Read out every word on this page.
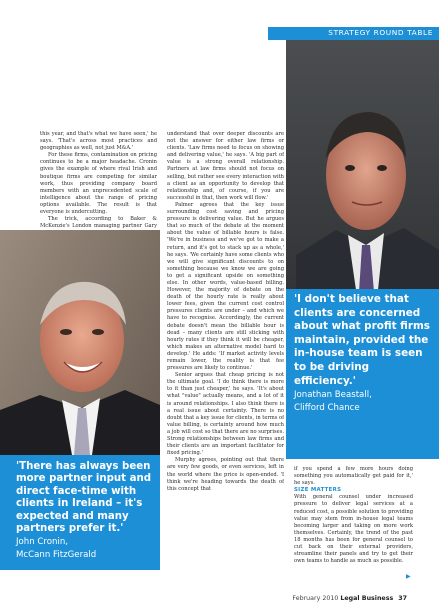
STRATEGY ROUND TABLE

this year, and that's what we have seen,' he says. 'That's across most practices and geographies as well, not just M&A.'

For these firms, contamination on pricing continues to be a major headache. Cronin gives the example of where rival Irish and boutique firms are competing for similar work, thus providing company board members with an unprecedented scale of intelligence about the range of pricing options available. The result is that everyone is undercutting.

The trick, according to Baker & McKenzie's London managing partner Gary

understand that over deeper discounts are not the answer for either law firms or clients. 'Law firms need to focus on showing and delivering value,' he says. 'A big part of value is a strong overall relationship. Partners at law firms should not focus on selling, but rather see every interaction with a client as an opportunity to develop that relationship and, of course, if you are successful in that, then work will flow.'

Palmer agrees that the key issue surrounding cost saving and pricing pressure is delivering value. But he argues that so much of the debate at the moment about the value of billable hours is false. 'We're in business and we've got to make a return, and it's got to stack up as a whole,' he says. 'We certainly have some clients who we will give significant discounts to on something because we know we are going to get a significant upside on something else. In other words, value-based billing. However, the majority of debate on the death of the hourly rate is really about lower fees, given the current cost control pressures clients are under – and which we have to recognise. Accordingly, the current debate doesn't mean the billable hour is dead – many clients are still sticking with hourly rates if they think it will be cheaper, which makes an alternative model hard to develop.' He adds: 'If market activity levels remain lower, the reality is that fee pressures are likely to continue.'

Senior argues that cheap pricing is not the ultimate goal. 'I do think there is more to it than just cheaper,' he says. 'It's about what "value" actually means, and a lot of it is around relationships. I also think there is a real issue about certainty. There is no doubt that a key issue for clients, in terms of value billing, is certainty around how much a job will cost so that there are no surprises. Strong relationships between law firms and their clients are an important facilitator for fixed pricing.'

Murphy agrees, pointing out that there are very few goods, or even services, left in the world where the price is open-ended. 'I think we're heading towards the death of this concept that

'There has always been more partner input and direct face-time with clients in Ireland – it's expected and many partners prefer it.'
John Cronin,
McCann FitzGerald
'I don't believe that clients are concerned about what profit firms maintain, provided the in-house team is seen to be driving efficiency.'
Jonathan Beastall,
Clifford Chance

if you spend a few more hours doing something you automatically get paid for it,' he says.

SIZE MATTERS

With general counsel under increased pressure to deliver legal services at a reduced cost, a possible solution to providing value may stem from in-house legal teams becoming larger and taking on more work themselves. Certainly, the trend of the past 18 months has been for general counsel to cut back on their external providers, streamline their panels and try to get their own teams to handle as much as possible.

▶
February 2010 Legal Business 37
